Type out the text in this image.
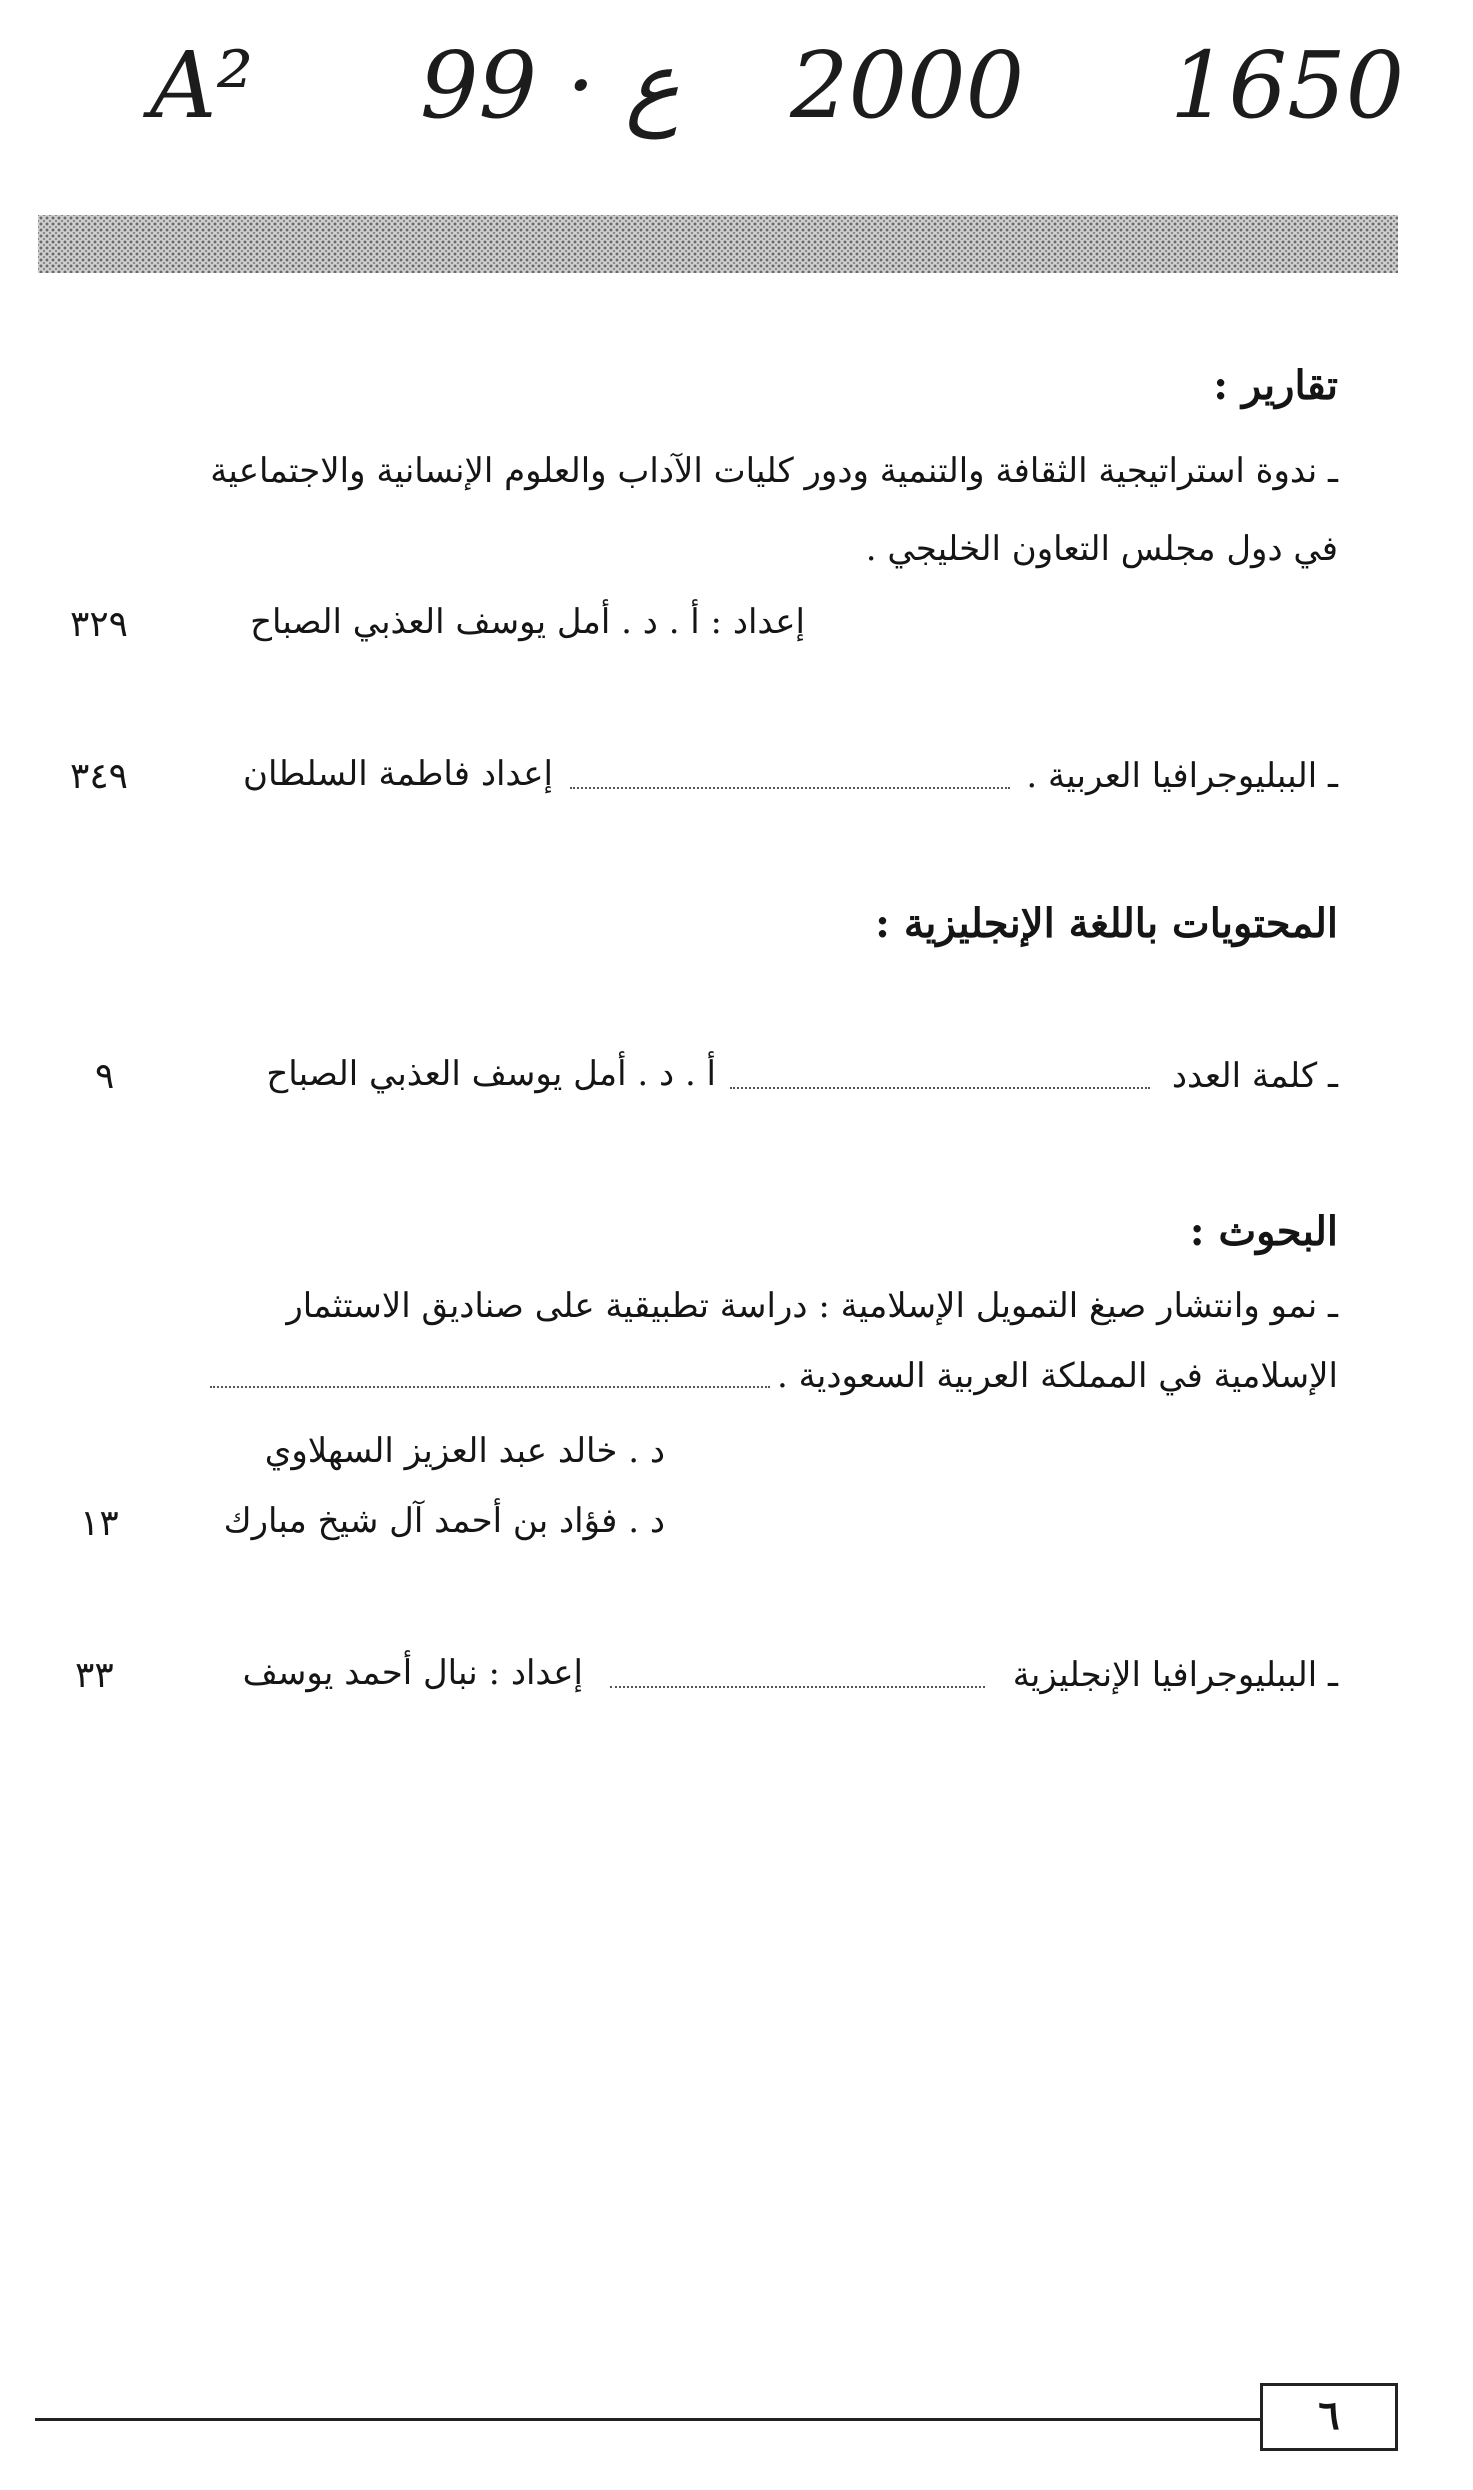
A² 99 · ع 2000 1650
تقارير :
ـ ندوة استراتيجية الثقافة والتنمية ودور كليات الآداب والعلوم الإنسانية والاجتماعية
في دول مجلس التعاون الخليجي .
إعداد : أ . د . أمل يوسف العذبي الصباح
٣٢٩
ـ الببليوجرافيا العربية .
إعداد فاطمة السلطان
٣٤٩
المحتويات باللغة الإنجليزية :
ـ كلمة العدد
أ . د . أمل يوسف العذبي الصباح
٩
البحوث :
ـ نمو وانتشار صيغ التمويل الإسلامية : دراسة تطبيقية على صناديق الاستثمار
الإسلامية في المملكة العربية السعودية .
د . خالد عبد العزيز السهلاوي
د . فؤاد بن أحمد آل شيخ مبارك
١٣
ـ الببليوجرافيا الإنجليزية
إعداد : نبال أحمد يوسف
٣٣
٦
